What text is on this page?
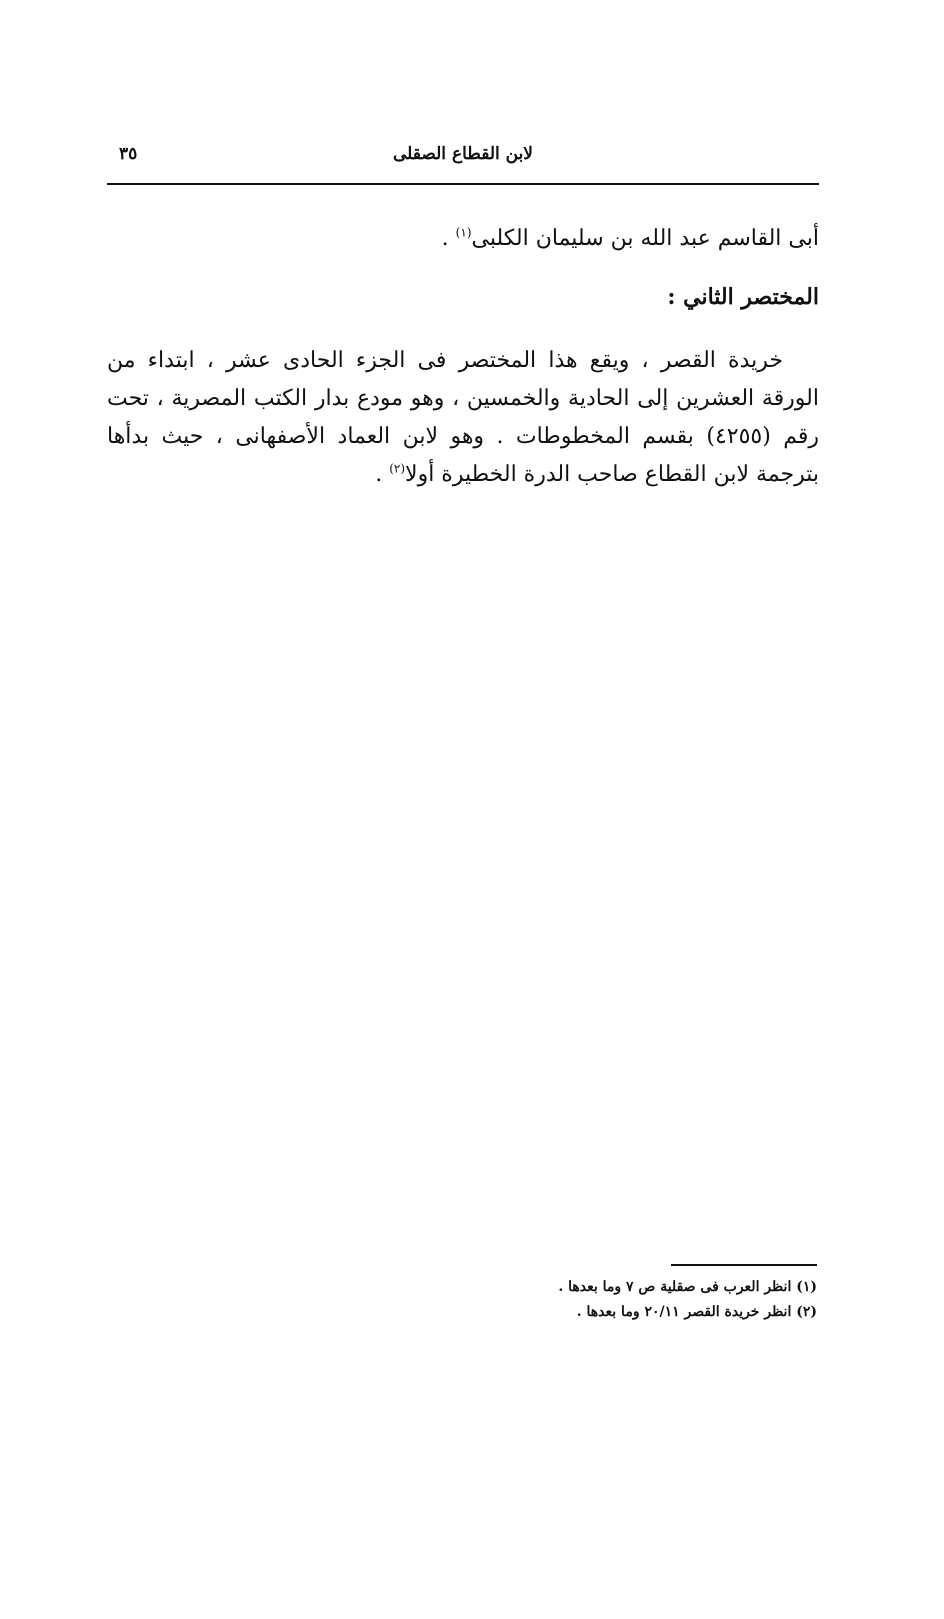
لابن القطاع الصقلى
٣٥

أبى القاسم عبد الله بن سليمان الكلبى$^{(١)}$ .

المختصر الثاني :

خريدة القصر ، ويقع هذا المختصر فى الجزء الحادى عشر ، ابتداء من الورقة العشرين إلى الحادية والخمسين ، وهو مودع بدار الكتب المصرية ، تحت رقم (٤٢٥٥) بقسم المخطوطات . وهو لابن العماد الأصفهانى ، حيث بدأها بترجمة لابن القطاع صاحب الدرة الخطيرة أولا$^{(٢)}$ .

(١) انظر العرب فى صقلية ص ٧ وما بعدها .

(٢) انظر خريدة القصر ٢٠/١١ وما بعدها .
